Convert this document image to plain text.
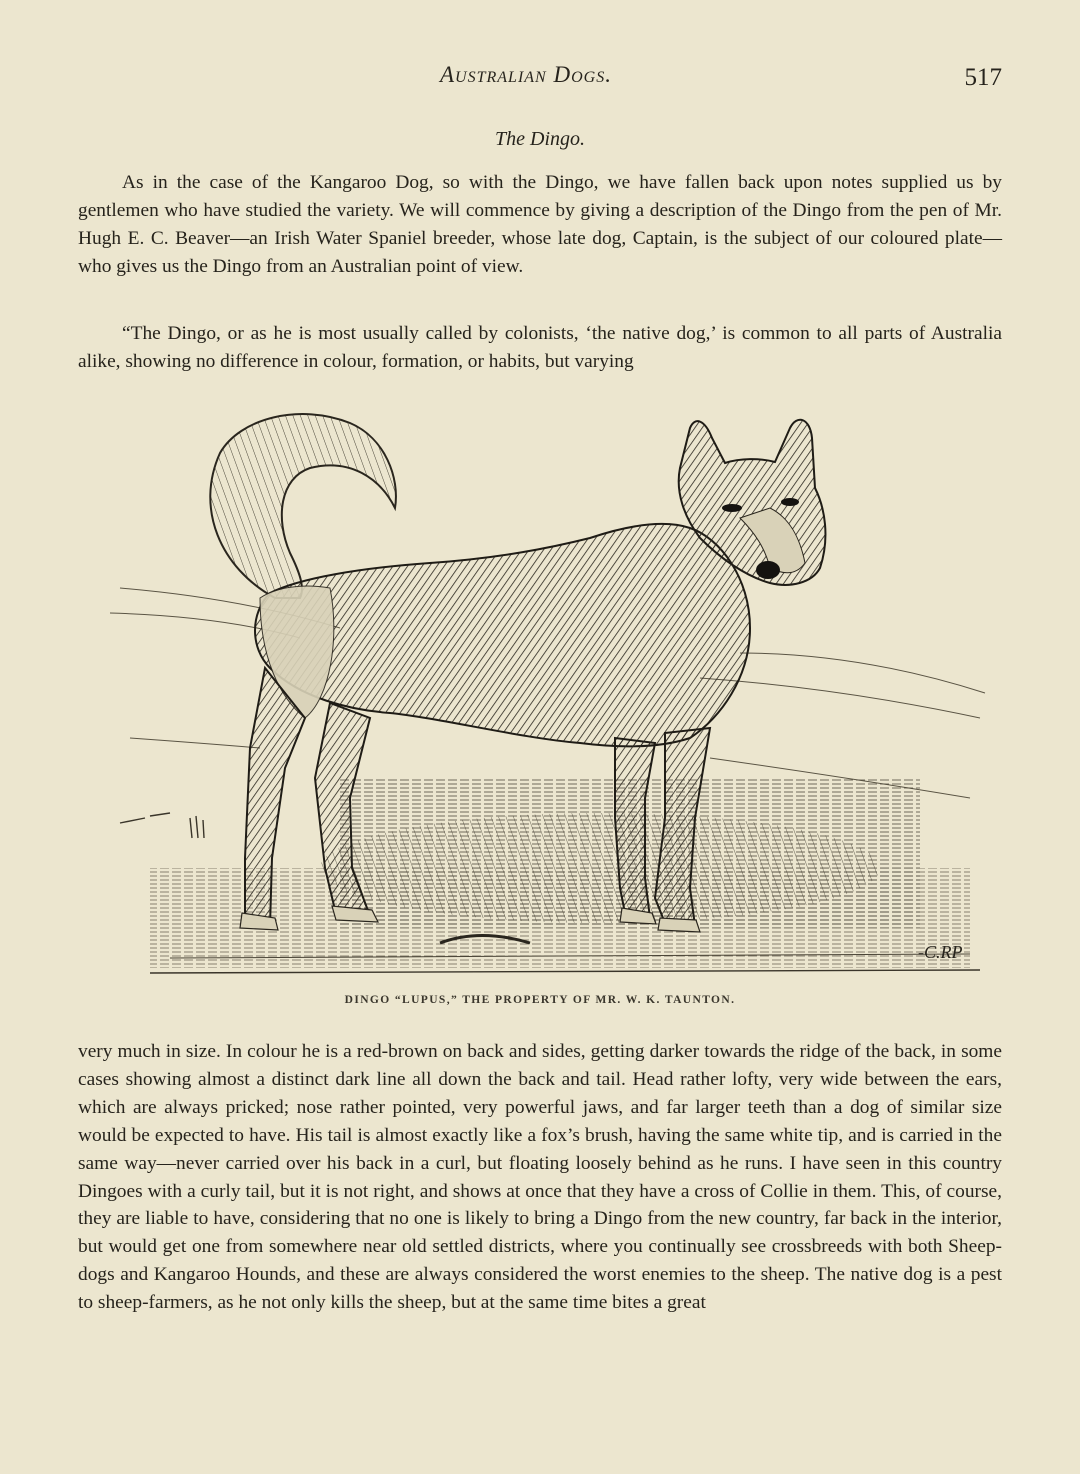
Australian Dogs.	517
The Dingo.

As in the case of the Kangaroo Dog, so with the Dingo, we have fallen back upon notes supplied us by gentlemen who have studied the variety. We will commence by giving a description of the Dingo from the pen of Mr. Hugh E. C. Beaver—an Irish Water Spaniel breeder, whose late dog, Captain, is the subject of our coloured plate—who gives us the Dingo from an Australian point of view.

“The Dingo, or as he is most usually called by colonists, ‘the native dog,’ is common to all parts of Australia alike, showing no difference in colour, formation, or habits, but varying

-C.RP
DINGO “LUPUS,” THE PROPERTY OF MR. W. K. TAUNTON.

very much in size. In colour he is a red-brown on back and sides, getting darker towards the ridge of the back, in some cases showing almost a distinct dark line all down the back and tail. Head rather lofty, very wide between the ears, which are always pricked; nose rather pointed, very powerful jaws, and far larger teeth than a dog of similar size would be expected to have. His tail is almost exactly like a fox’s brush, having the same white tip, and is carried in the same way—never carried over his back in a curl, but floating loosely behind as he runs. I have seen in this country Dingoes with a curly tail, but it is not right, and shows at once that they have a cross of Collie in them. This, of course, they are liable to have, considering that no one is likely to bring a Dingo from the new country, far back in the interior, but would get one from somewhere near old settled districts, where you continually see crossbreeds with both Sheep-dogs and Kangaroo Hounds, and these are always considered the worst enemies to the sheep. The native dog is a pest to sheep-farmers, as he not only kills the sheep, but at the same time bites a great
